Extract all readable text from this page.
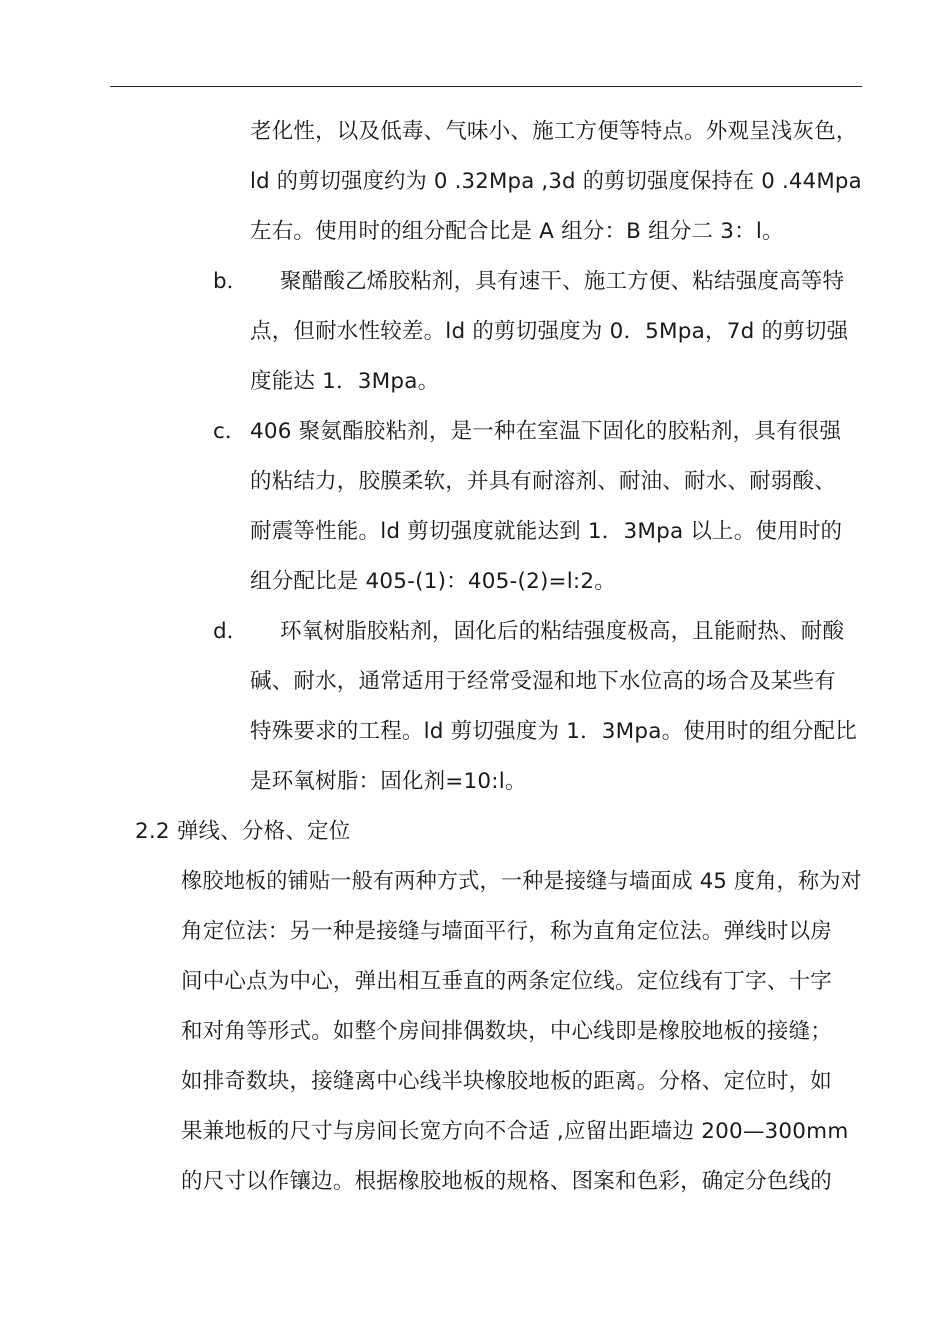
老化性，以及低毒、气味小、施工方便等特点。外观呈浅灰色，
ld 的剪切强度约为 0 .32Mpa ,3d 的剪切强度保持在 0 .44Mpa
左右。使用时的组分配合比是 A 组分：B 组分二 3：l。
b． 聚醋酸乙烯胶粘剂，具有速干、施工方便、粘结强度高等特
点，但耐水性较差。ld 的剪切强度为 0．5Mpa，7d 的剪切强
度能达 1．3Mpa。
c． 406 聚氨酯胶粘剂，是一种在室温下固化的胶粘剂，具有很强
的粘结力，胶膜柔软，并具有耐溶剂、耐油、耐水、耐弱酸、
耐震等性能。ld 剪切强度就能达到 1．3Mpa 以上。使用时的
组分配比是 405-(1)：405-(2)=l:2。
d． 环氧树脂胶粘剂，固化后的粘结强度极高，且能耐热、耐酸
碱、耐水，通常适用于经常受湿和地下水位高的场合及某些有
特殊要求的工程。ld 剪切强度为 1．3Mpa。使用时的组分配比
是环氧树脂：固化剂=10:l。
2.2 弹线、分格、定位
橡胶地板的铺贴一般有两种方式，一种是接缝与墙面成 45 度角，称为对
角定位法：另一种是接缝与墙面平行，称为直角定位法。弹线时以房
间中心点为中心，弹出相互垂直的两条定位线。定位线有丁字、十字
和对角等形式。如整个房间排偶数块，中心线即是橡胶地板的接缝；
如排奇数块，接缝离中心线半块橡胶地板的距离。分格、定位时，如
果兼地板的尺寸与房间长宽方向不合适 ,应留出距墙边 200—300mm
的尺寸以作镶边。根据橡胶地板的规格、图案和色彩，确定分色线的
